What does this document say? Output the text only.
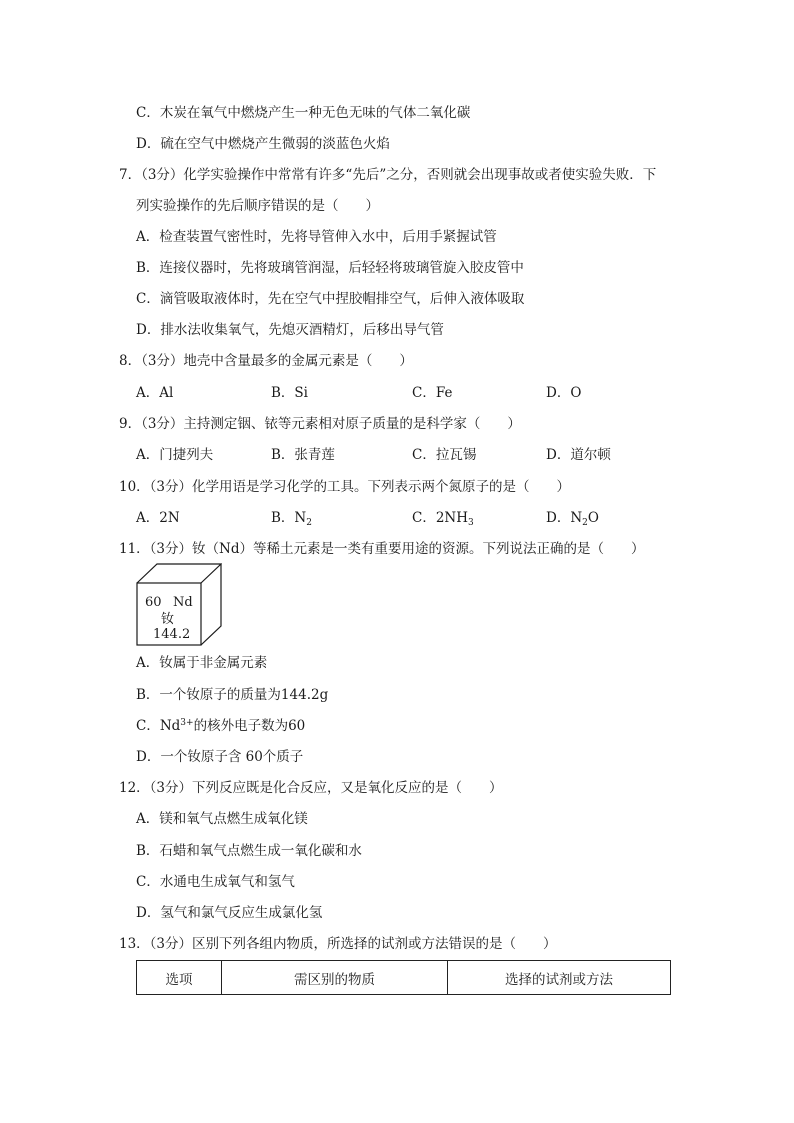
C．木炭在氧气中燃烧产生一种无色无味的气体二氧化碳
D．硫在空气中燃烧产生微弱的淡蓝色火焰
7．（3分）化学实验操作中常常有许多“先后”之分，否则就会出现事故或者使实验失败．下
列实验操作的先后顺序错误的是（　　）
A．检查装置气密性时，先将导管伸入水中，后用手紧握试管
B．连接仪器时，先将玻璃管润湿，后轻轻将玻璃管旋入胶皮管中
C．滴管吸取液体时，先在空气中捏胶帽排空气，后伸入液体吸取
D．排水法收集氧气，先熄灭酒精灯，后移出导气管
8．（3分）地壳中含量最多的金属元素是（　　）
A．Al	B．Si	C．Fe	D．O
9．（3分）主持测定铟、铱等元素相对原子质量的是科学家（　　）
A．门捷列夫	B．张青莲	C．拉瓦锡	D．道尔顿
10．（3分）化学用语是学习化学的工具。下列表示两个氮原子的是（　　）
A．2N	B．$N_2$	C．$2NH_3$	D．$N_2O$
11．（3分）钕（Nd）等稀土元素是一类有重要用途的资源。下列说法正确的是（　　）
60 Nd
钕
144.2
A．钕属于非金属元素
B．一个钕原子的质量为144.2g
C．$Nd^{3+}$的核外电子数为60
D．一个钕原子含 60个质子
12．（3分）下列反应既是化合反应，又是氧化反应的是（　　）
A．镁和氧气点燃生成氧化镁
B．石蜡和氧气点燃生成一氧化碳和水
C．水通电生成氧气和氢气
D．氢气和氯气反应生成氯化氢
13．（3分）区别下列各组内物质，所选择的试剂或方法错误的是（　　）
选项	需区别的物质	选择的试剂或方法
